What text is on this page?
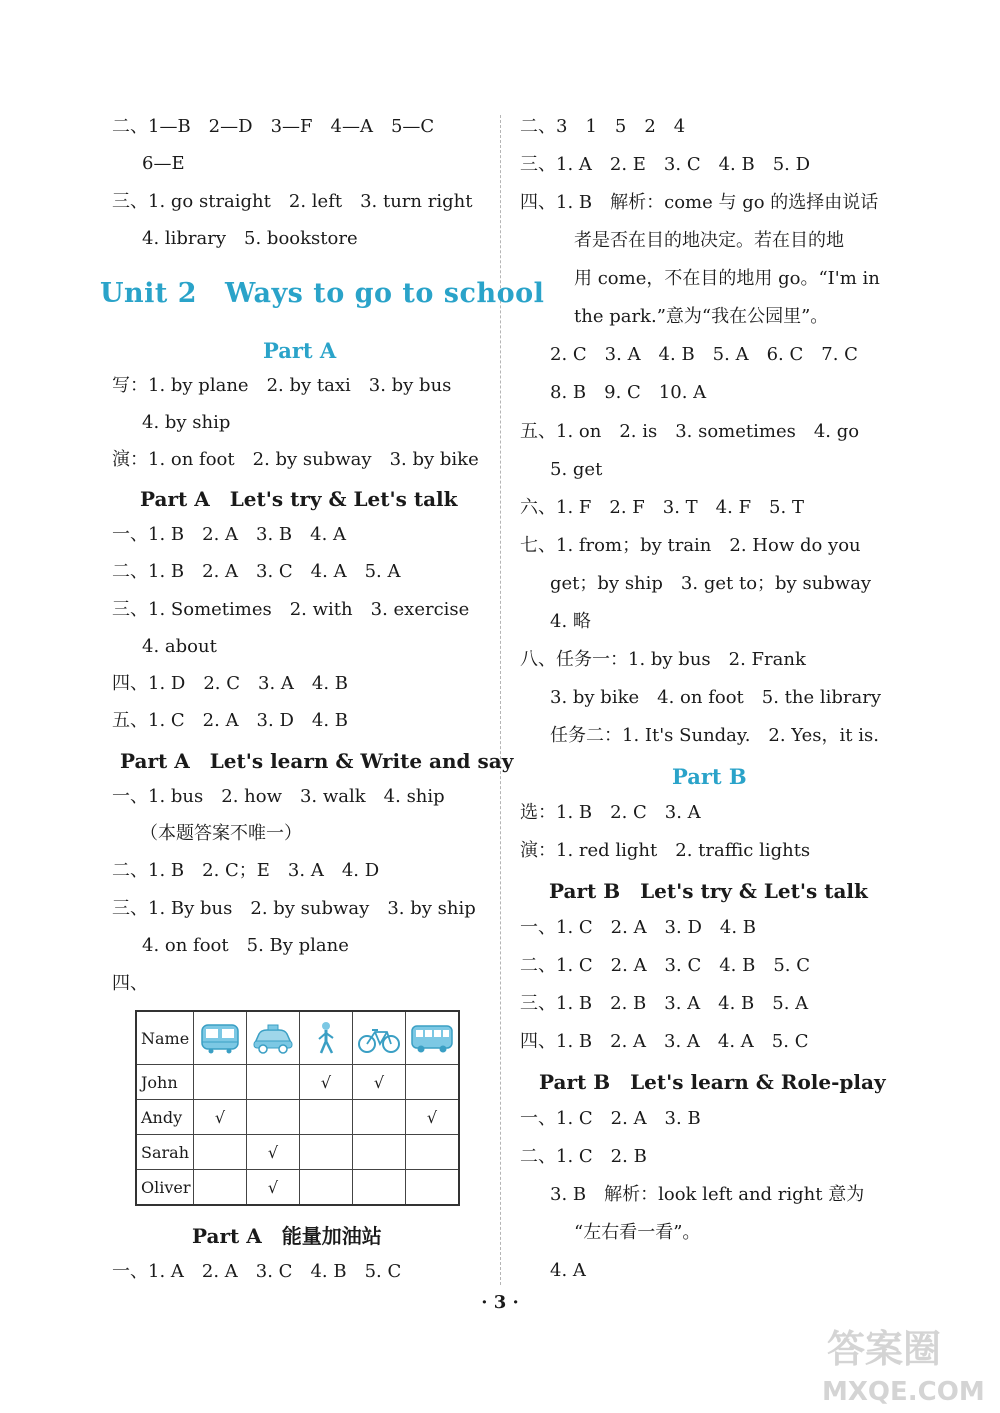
二、1—B　2—D　3—F　4—A　5—C
6—E
三、1. go straight　2. left　3. turn right
4. library　5. bookstore
Unit 2 Ways to go to school
Part A
写：1. by plane　2. by taxi　3. by bus
4. by ship
演：1. on foot　2. by subway　3. by bike
Part A　Let's try & Let's talk
一、1. B　2. A　3. B　4. A
二、1. B　2. A　3. C　4. A　5. A
三、1. Sometimes　2. with　3. exercise
4. about
四、1. D　2. C　3. A　4. B
五、1. C　2. A　3. D　4. B
Part A　Let's learn & Write and say
一、1. bus　2. how　3. walk　4. ship
（本题答案不唯一）
二、1. B　2. C；E　3. A　4. D
三、1. By bus　2. by subway　3. by ship
4. on foot　5. By plane
四、
Name					
John			√	√	
Andy	√				√
Sarah		√			
Oliver		√			
Part A　能量加油站
一、1. A　2. A　3. C　4. B　5. C
二、3　1　5　2　4
三、1. A　2. E　3. C　4. B　5. D
四、1. B　解析：come 与 go 的选择由说话
者是否在目的地决定。若在目的地
用 come，不在目的地用 go。“I'm in
the park.”意为“我在公园里”。
2. C　3. A　4. B　5. A　6. C　7. C
8. B　9. C　10. A
五、1. on　2. is　3. sometimes　4. go
5. get
六、1. F　2. F　3. T　4. F　5. T
七、1. from；by train　2. How do you
get；by ship　3. get to；by subway
4. 略
八、任务一：1. by bus　2. Frank
3. by bike　4. on foot　5. the library
任务二：1. It's Sunday.　2. Yes，it is.
Part B
选：1. B　2. C　3. A
演：1. red light　2. traffic lights
Part B　Let's try & Let's talk
一、1. C　2. A　3. D　4. B
二、1. C　2. A　3. C　4. B　5. C
三、1. B　2. B　3. A　4. B　5. A
四、1. B　2. A　3. A　4. A　5. C
Part B　Let's learn & Role-play
一、1. C　2. A　3. B
二、1. C　2. B
3. B　解析：look left and right 意为
“左右看一看”。
4. A
· 3 ·
答案圈
MXQE.COM
